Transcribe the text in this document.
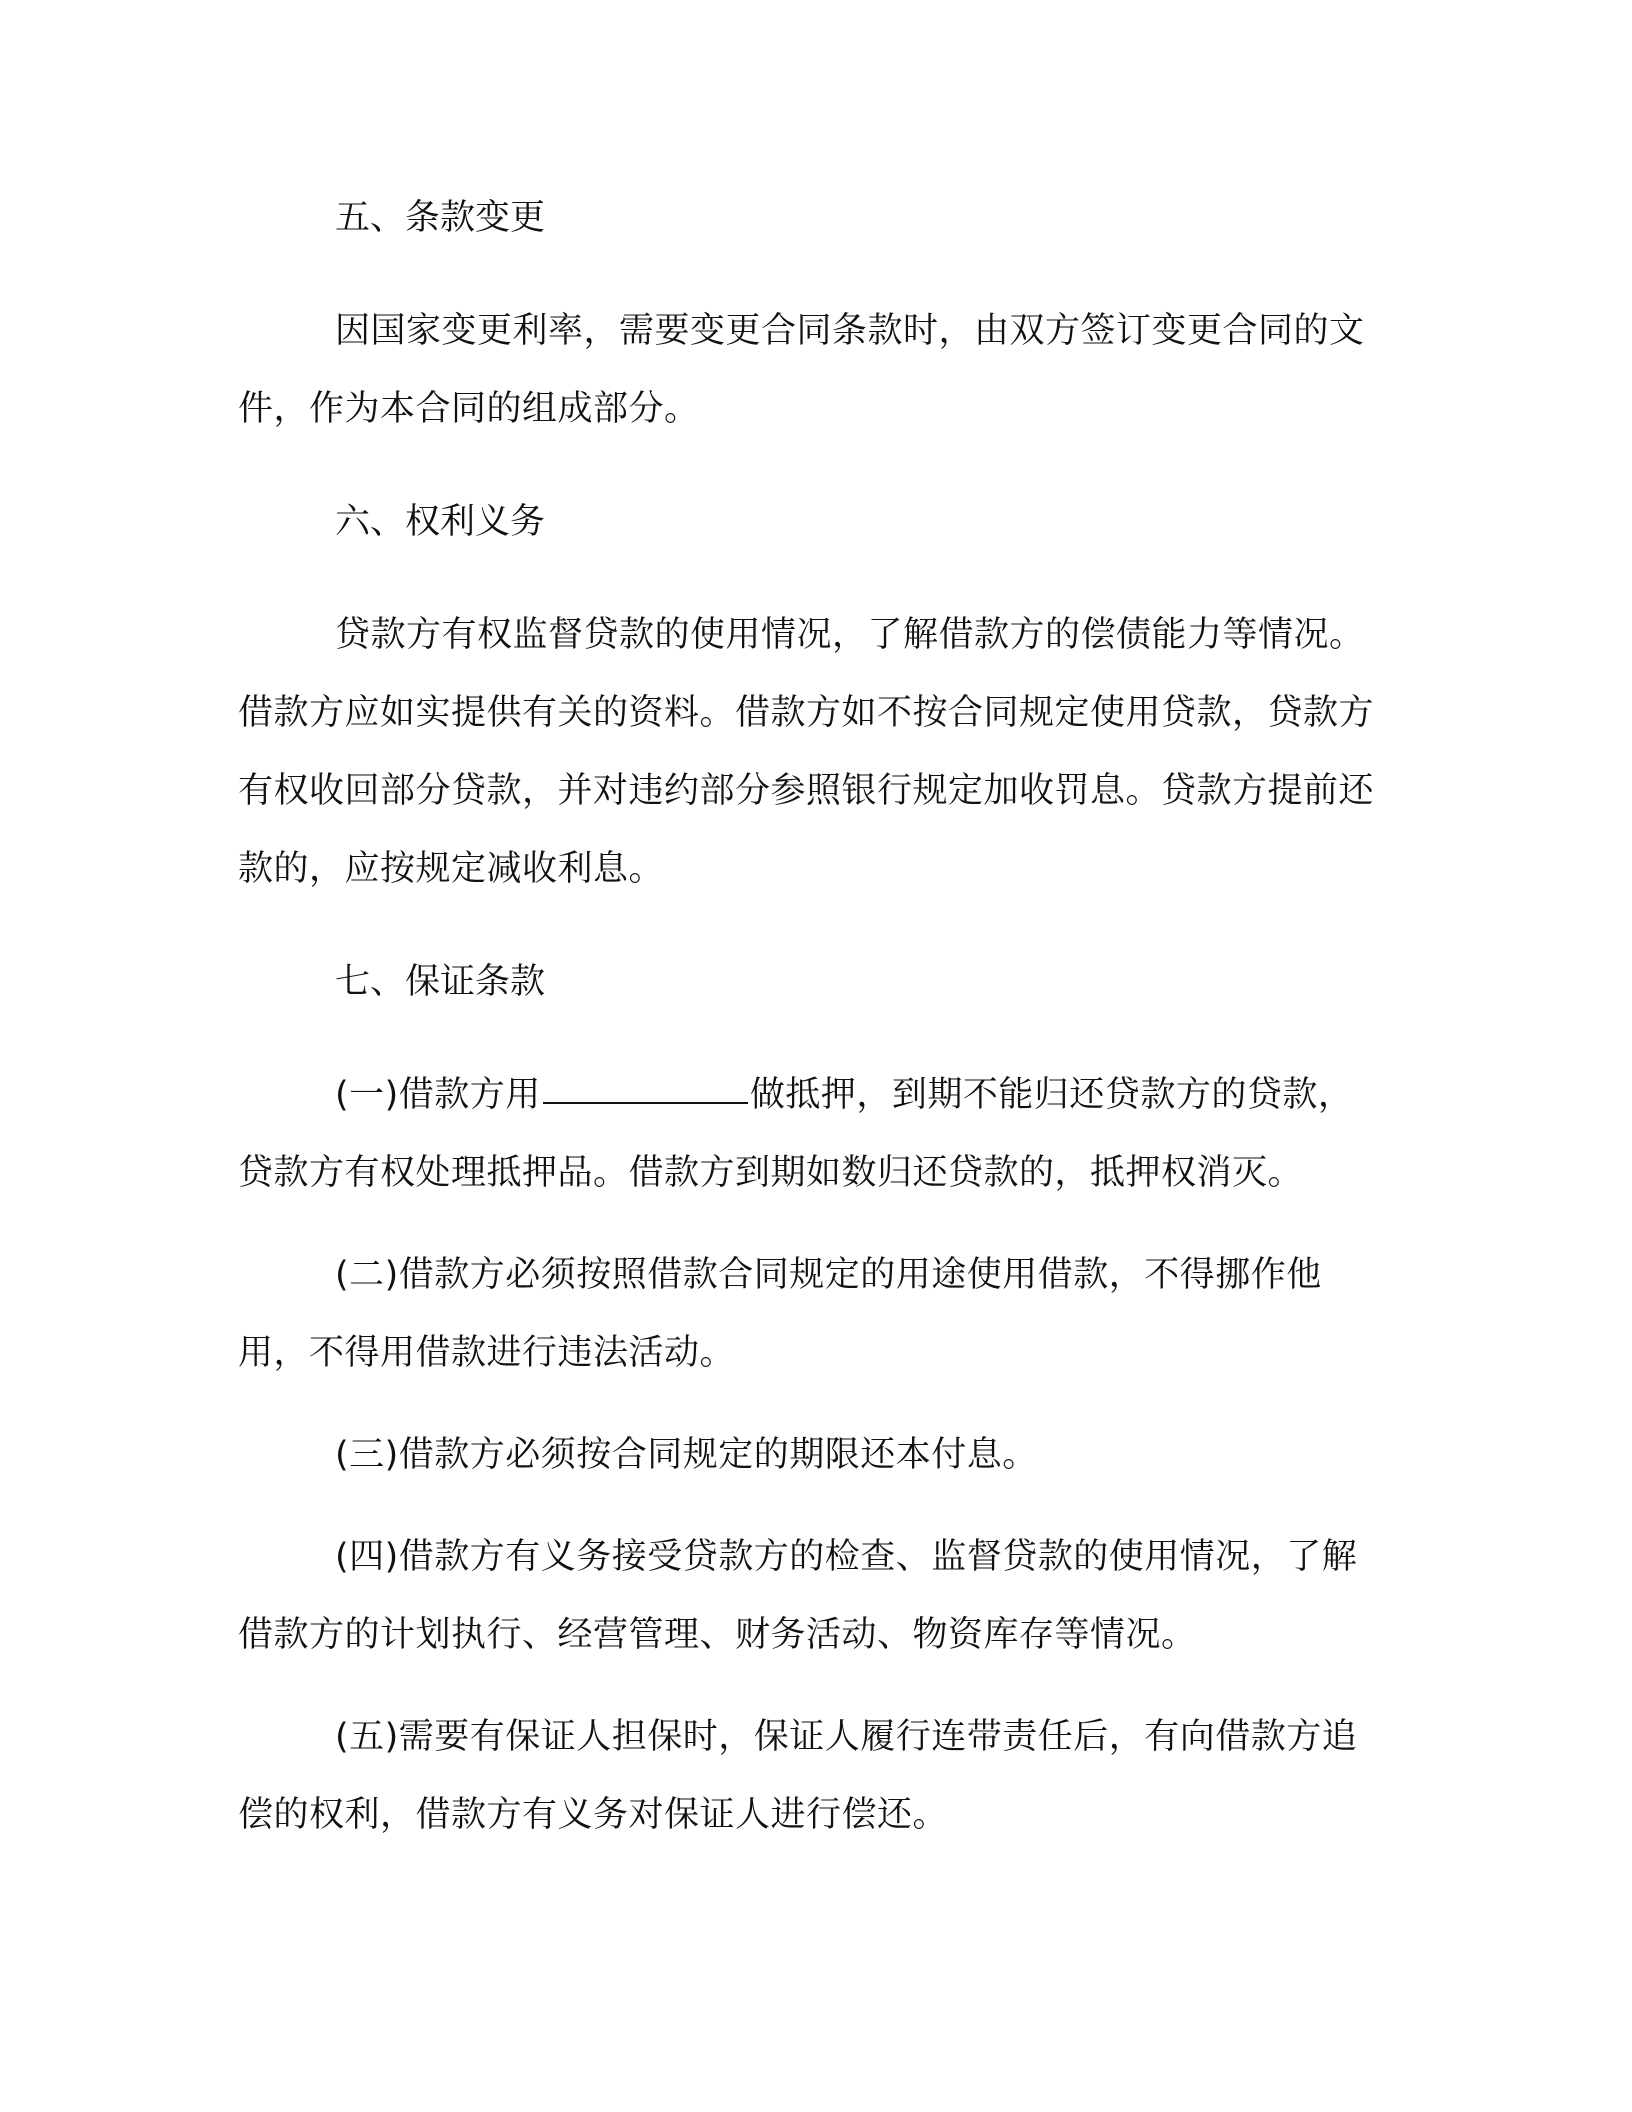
五、条款变更

因国家变更利率，需要变更合同条款时，由双方签订变更合同的文件，作为本合同的组成部分。

六、权利义务

贷款方有权监督贷款的使用情况，了解借款方的偿债能力等情况。借款方应如实提供有关的资料。借款方如不按合同规定使用贷款，贷款方有权收回部分贷款，并对违约部分参照银行规定加收罚息。贷款方提前还款的，应按规定减收利息。

七、保证条款

(一)借款方用	做抵押，到期不能归还贷款方的贷款，贷款方有权处理抵押品。借款方到期如数归还贷款的，抵押权消灭。

(二)借款方必须按照借款合同规定的用途使用借款，不得挪作他用，不得用借款进行违法活动。

(三)借款方必须按合同规定的期限还本付息。

(四)借款方有义务接受贷款方的检查、监督贷款的使用情况，了解借款方的计划执行、经营管理、财务活动、物资库存等情况。

(五)需要有保证人担保时，保证人履行连带责任后，有向借款方追偿的权利，借款方有义务对保证人进行偿还。
